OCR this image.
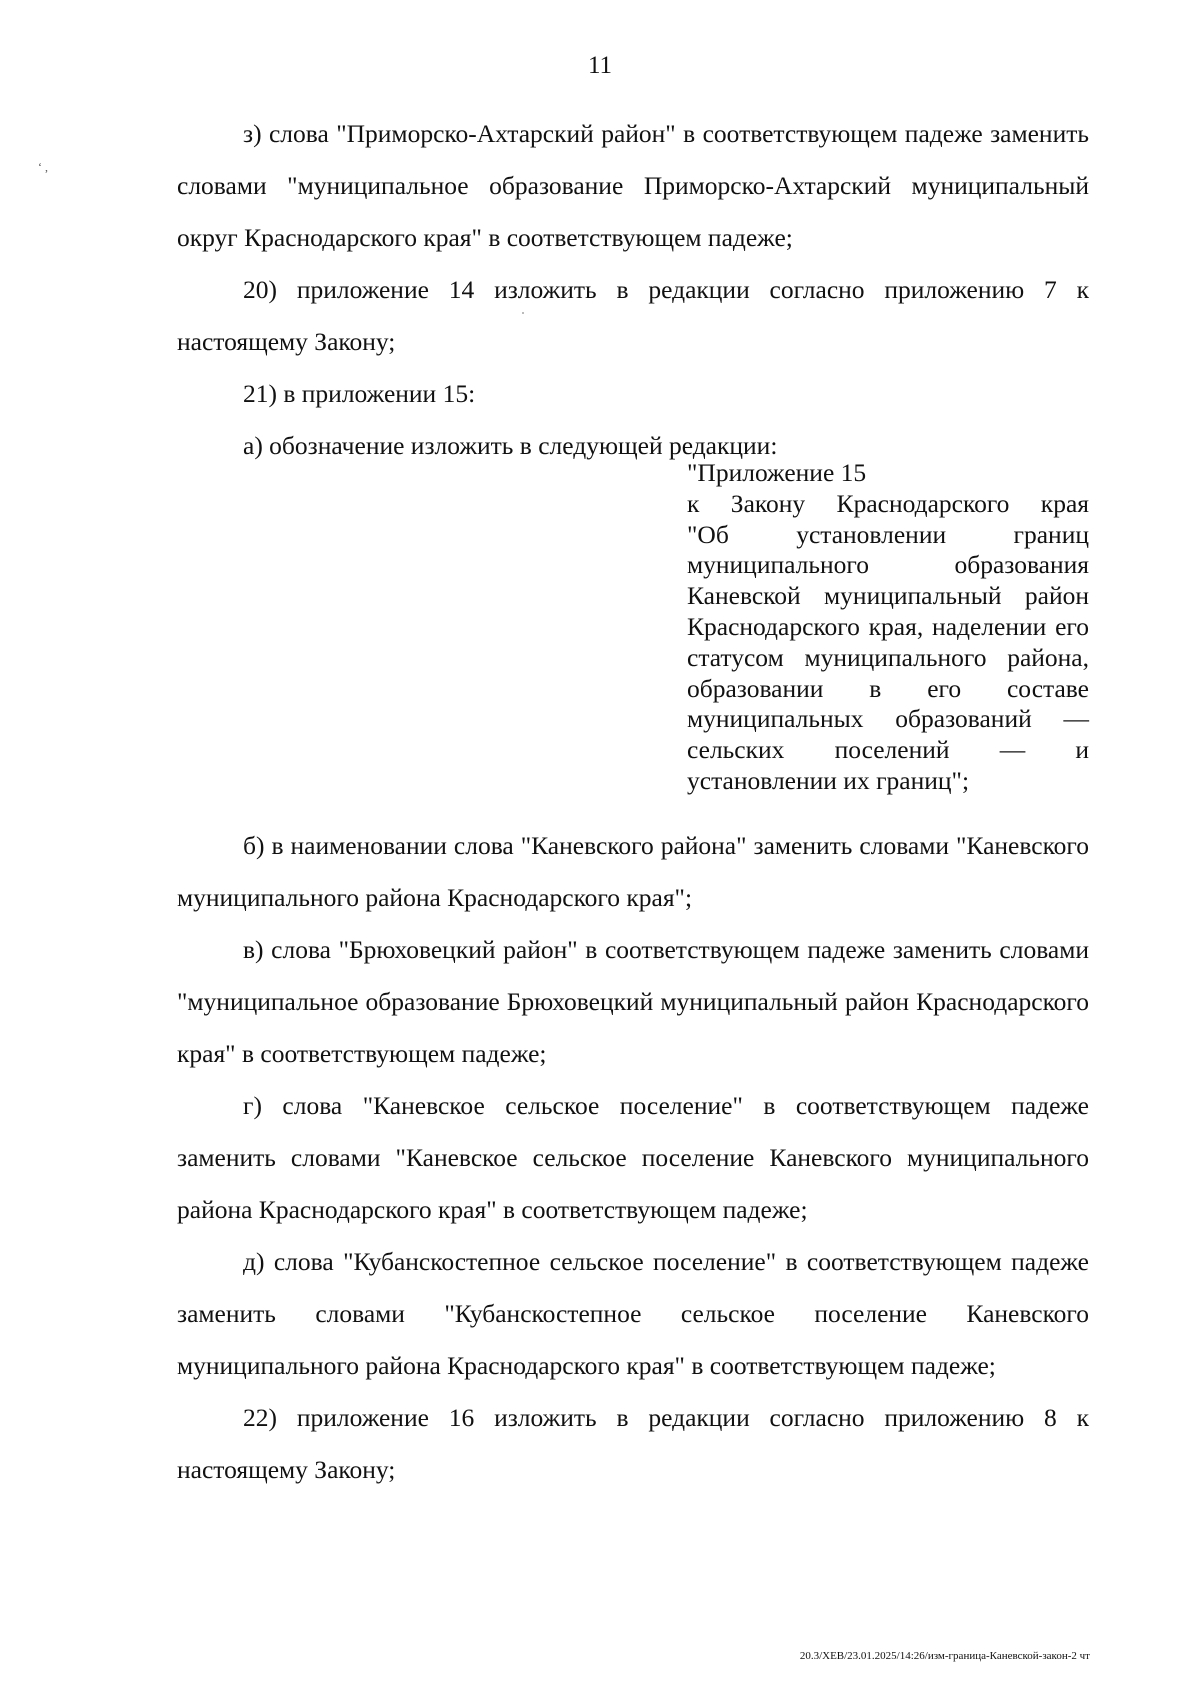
‘ ,
11

з) слова "Приморско-Ахтарский район" в соответствующем падеже заменить словами "муниципальное образование Приморско-Ахтарский муниципальный округ Краснодарского края" в соответствующем падеже;

20) приложение 14 изложить в редакции согласно приложению 7 к настоящему Закону;

21) в приложении 15:

а) обозначение изложить в следующей редакции:

"Приложение 15
к Закону Краснодарского края
"Об установлении границ муниципального образования Каневской муниципальный район Краснодарского края, наделении его статусом муниципального района, образовании в его составе муниципальных образований — сельских поселений — и установлении их границ";

б) в наименовании слова "Каневского района" заменить словами "Каневского муниципального района Краснодарского края";

в) слова "Брюховецкий район" в соответствующем падеже заменить словами "муниципальное образование Брюховецкий муниципальный район Краснодарского края" в соответствующем падеже;

г) слова "Каневское сельское поселение" в соответствующем падеже заменить словами "Каневское сельское поселение Каневского муниципального района Краснодарского края" в соответствующем падеже;

д) слова "Кубанскостепное сельское поселение" в соответствующем падеже заменить словами "Кубанскостепное сельское поселение Каневского муниципального района Краснодарского края" в соответствующем падеже;

22) приложение 16 изложить в редакции согласно приложению 8 к настоящему Закону;

20.3/ХЕВ/23.01.2025/14:26/изм-граница-Каневской-закон-2 чт
